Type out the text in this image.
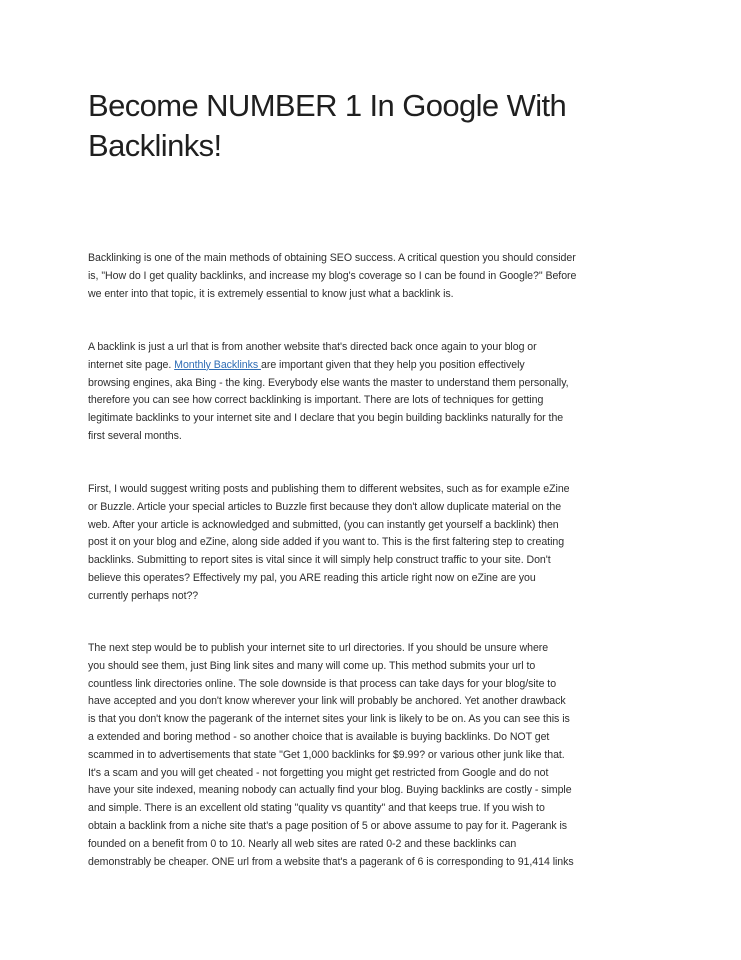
Become NUMBER 1 In Google With
Backlinks!

Backlinking is one of the main methods of obtaining SEO success. A critical question you should consider
is, "How do I get quality backlinks, and increase my blog's coverage so I can be found in Google?" Before
we enter into that topic, it is extremely essential to know just what a backlink is.

A backlink is just a url that is from another website that's directed back once again to your blog or
internet site page. Monthly Backlinks are important given that they help you position effectively
browsing engines, aka Bing - the king. Everybody else wants the master to understand them personally,
therefore you can see how correct backlinking is important. There are lots of techniques for getting
legitimate backlinks to your internet site and I declare that you begin building backlinks naturally for the
first several months.

First, I would suggest writing posts and publishing them to different websites, such as for example eZine
or Buzzle. Article your special articles to Buzzle first because they don't allow duplicate material on the
web. After your article is acknowledged and submitted, (you can instantly get yourself a backlink) then
post it on your blog and eZine, along side added if you want to. This is the first faltering step to creating
backlinks. Submitting to report sites is vital since it will simply help construct traffic to your site. Don't
believe this operates? Effectively my pal, you ARE reading this article right now on eZine are you
currently perhaps not??

The next step would be to publish your internet site to url directories. If you should be unsure where
you should see them, just Bing link sites and many will come up. This method submits your url to
countless link directories online. The sole downside is that process can take days for your blog/site to
have accepted and you don't know wherever your link will probably be anchored. Yet another drawback
is that you don't know the pagerank of the internet sites your link is likely to be on. As you can see this is
a extended and boring method - so another choice that is available is buying backlinks. Do NOT get
scammed in to advertisements that state "Get 1,000 backlinks for $9.99? or various other junk like that.
It's a scam and you will get cheated - not forgetting you might get restricted from Google and do not
have your site indexed, meaning nobody can actually find your blog. Buying backlinks are costly - simple
and simple. There is an excellent old stating "quality vs quantity" and that keeps true. If you wish to
obtain a backlink from a niche site that's a page position of 5 or above assume to pay for it. Pagerank is
founded on a benefit from 0 to 10. Nearly all web sites are rated 0-2 and these backlinks can
demonstrably be cheaper. ONE url from a website that's a pagerank of 6 is corresponding to 91,414 links
